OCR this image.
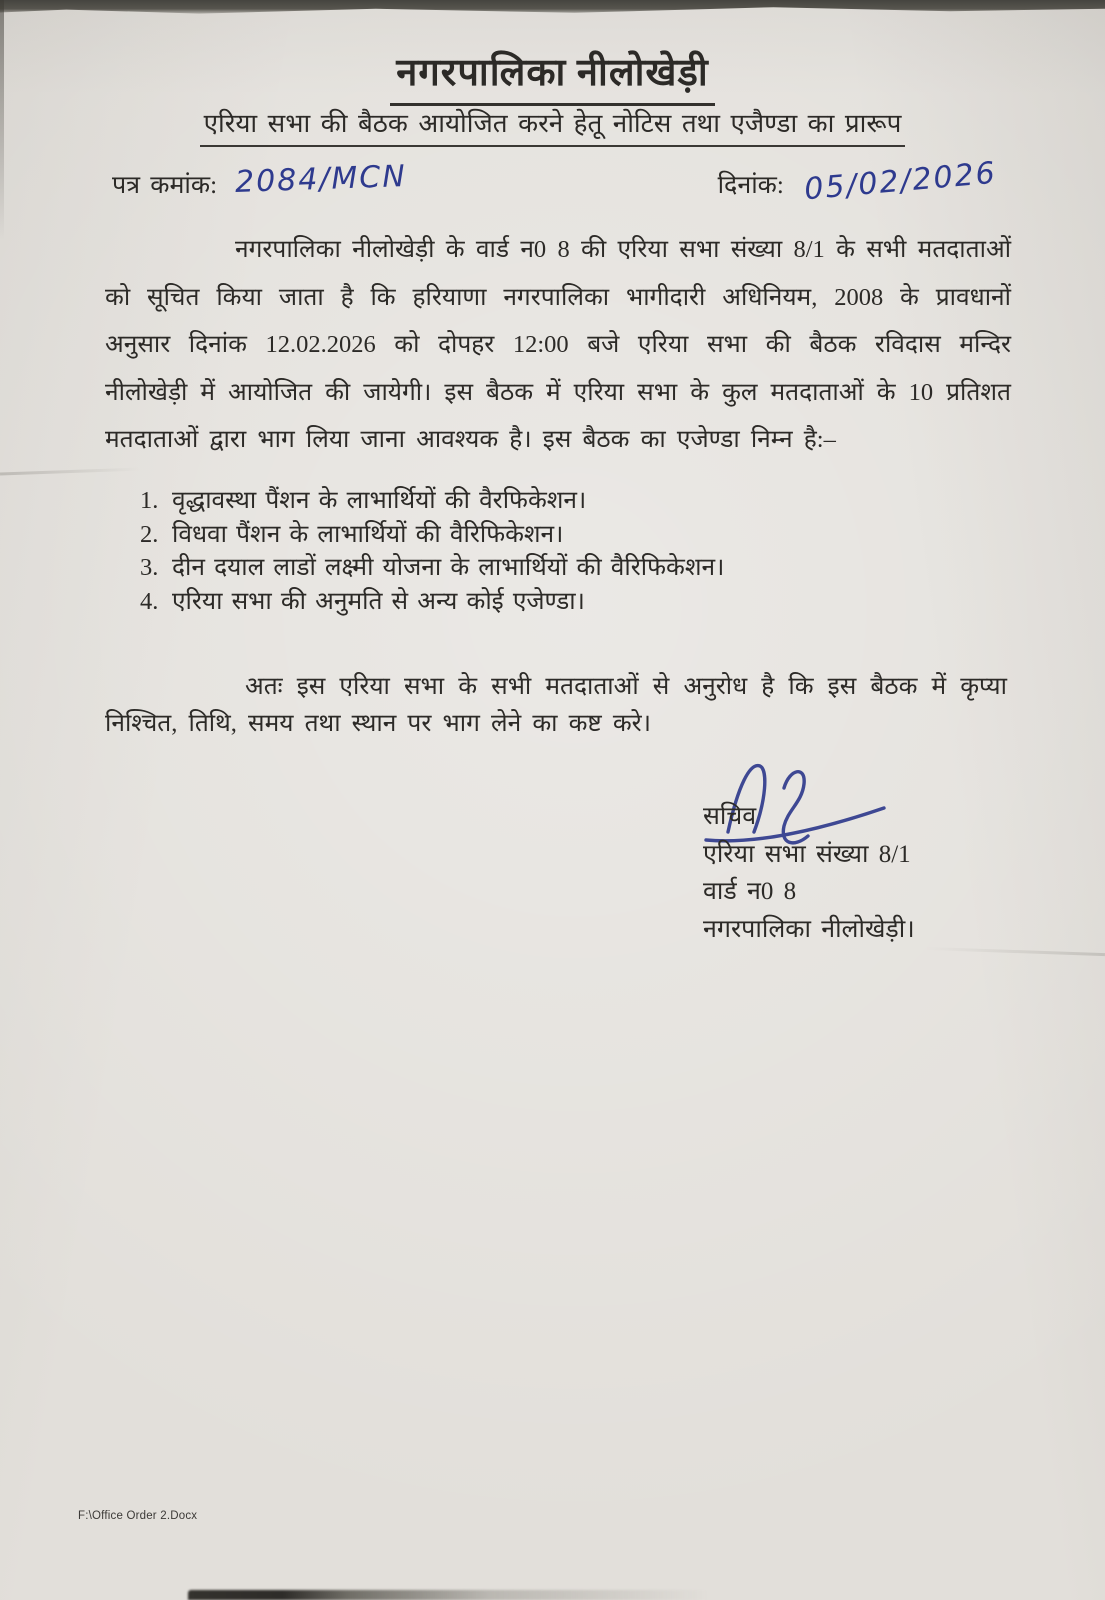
नगरपालिका नीलोखेड़ी
एरिया सभा की बैठक आयोजित करने हेतू नोटिस तथा एजैण्डा का प्रारूप
पत्र कमांक: 2084/MCN	दिनांक: 05/02/2026

नगरपालिका नीलोखेड़ी के वार्ड न0 8 की एरिया सभा संख्या 8/1 के सभी मतदाताओं को सूचित किया जाता है कि हरियाणा नगरपालिका भागीदारी अधिनियम, 2008 के प्रावधानों अनुसार दिनांक 12.02.2026 को दोपहर 12:00 बजे एरिया सभा की बैठक रविदास मन्दिर नीलोखेड़ी में आयोजित की जायेगी। इस बैठक में एरिया सभा के कुल मतदाताओं के 10 प्रतिशत मतदाताओं द्वारा भाग लिया जाना आवश्यक है। इस बैठक का एजेण्डा निम्न है:–

1. वृद्धावस्था पैंशन के लाभार्थियों की वैरफिकेशन।
2. विधवा पैंशन के लाभार्थियों की वैरिफिकेशन।
3. दीन दयाल लाडों लक्ष्मी योजना के लाभार्थियों की वैरिफिकेशन।
4. एरिया सभा की अनुमति से अन्य कोई एजेण्डा।

अतः इस एरिया सभा के सभी मतदाताओं से अनुरोध है कि इस बैठक में कृप्या निश्चित, तिथि, समय तथा स्थान पर भाग लेने का कष्ट करे।

सचिव
एरिया सभा संख्या 8/1
वार्ड न0 8
नगरपालिका नीलोखेड़ी।
F:\Office Order 2.Docx
